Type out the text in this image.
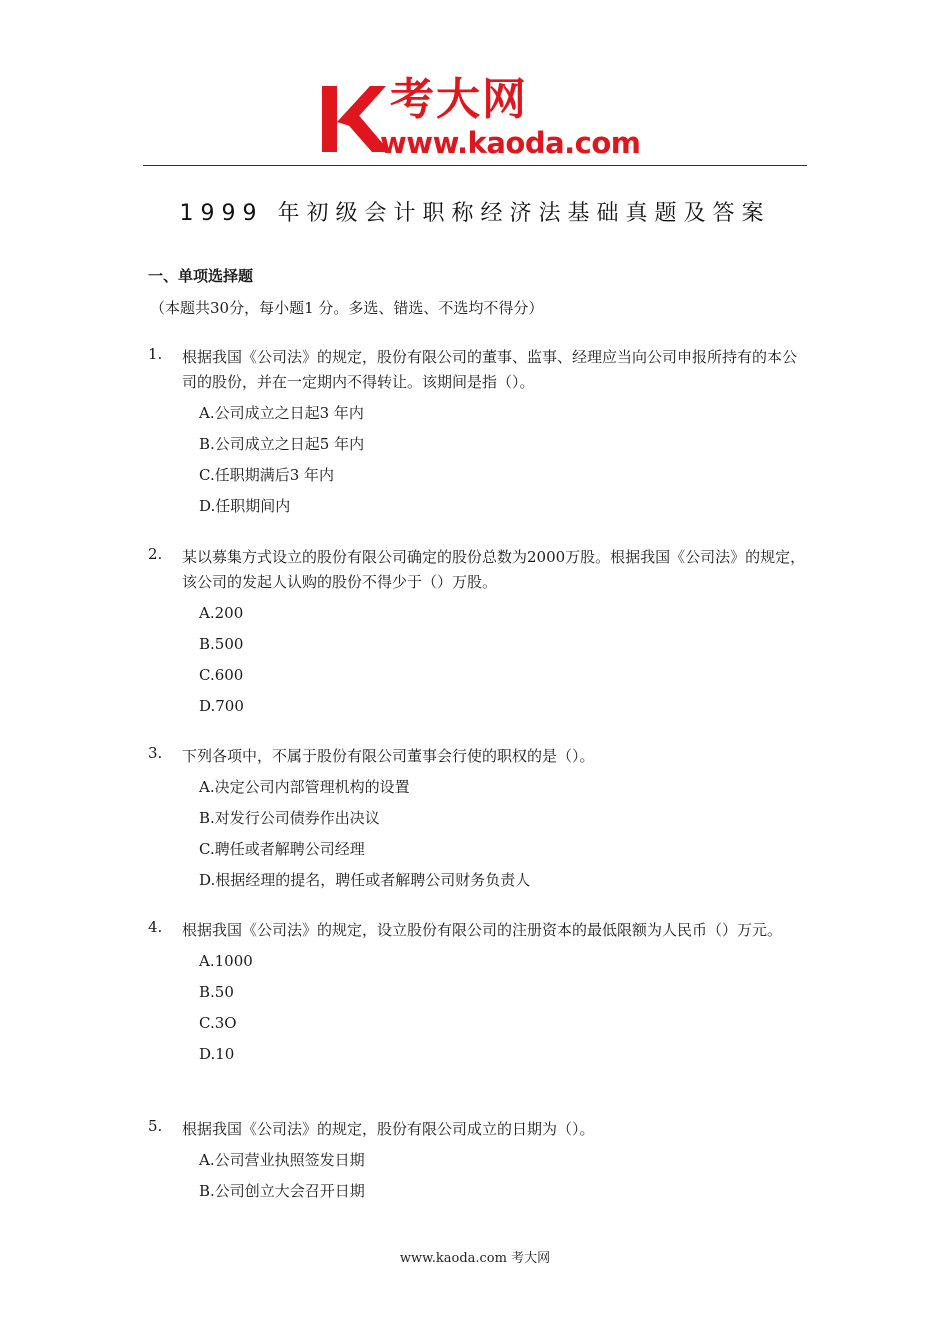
考大网
www.kaoda.com
1999 年初级会计职称经济法基础真题及答案
一、单项选择题
（本题共30分，每小题1 分。多选、错选、不选均不得分）
1. 根据我国《公司法》的规定，股份有限公司的董事、监事、经理应当向公司申报所持有的本公司的股份，并在一定期内不得转让。该期间是指（）。
A.公司成立之日起3 年内
B.公司成立之日起5 年内
C.任职期满后3 年内
D.任职期间内
2. 某以募集方式设立的股份有限公司确定的股份总数为2000万股。根据我国《公司法》的规定，该公司的发起人认购的股份不得少于（）万股。
A.200
B.500
C.600
D.700
3. 下列各项中，不属于股份有限公司董事会行使的职权的是（）。
A.决定公司内部管理机构的设置
B.对发行公司债券作出决议
C.聘任或者解聘公司经理
D.根据经理的提名，聘任或者解聘公司财务负责人
4. 根据我国《公司法》的规定，设立股份有限公司的注册资本的最低限额为人民币（）万元。
A.1000
B.50
C.3O
D.10
5. 根据我国《公司法》的规定，股份有限公司成立的日期为（）。
A.公司营业执照签发日期
B.公司创立大会召开日期
www.kaoda.com 考大网
